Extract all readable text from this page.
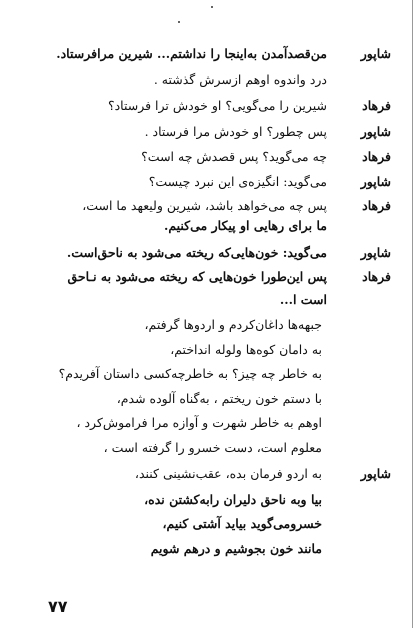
شاپور
من‌قصدآمدن به‌اینجا را نداشتم... شیرین مرافرستاد.
درد واندوه اوهم ازسرش گذشته .
فرهاد
شیرین را می‌گویی؟ او خودش ترا فرستاد؟
شاپور
پس چطور؟ او خودش مرا فرستاد .
فرهاد
چه می‌گوید؟ پس قصدش چه است؟
شاپور
می‌گوید: انگیزه‌ی این نبرد چیست؟
فرهاد
پس چه می‌خواهد باشد، شیرین ولیعهد ما است،
ما برای رهایی او پیکار می‌کنیم.
شاپور
می‌گوید: خون‌هایی‌که ریخته می‌شود به ناحق‌است.
فرهاد
پس این‌طورا خون‌هایی که ریخته می‌شود به نـاحق
است ا...
جبهه‌ها داغان‌کردم و اردوها گرفتم،
به دامان کوه‌ها ولوله انداختم،
به خاطر چه چیز؟ به خاطرچه‌کسی داستان آفریدم؟
با دستم خون ریختم ، به‌گناه آلوده شدم،
اوهم به خاطر شهرت و آوازه مرا فراموش‌کرد ،
معلوم است، دست خسرو را گرفته است ،
شاپور
به اردو فرمان بده، عقب‌نشینی کنند،
بیا وبه ناحق دلیران رابه‌کشتن نده،
خسرومی‌گوید بیاید آشتی کنیم،
مانند خون بجوشیم و درهم شویم
۷۷
